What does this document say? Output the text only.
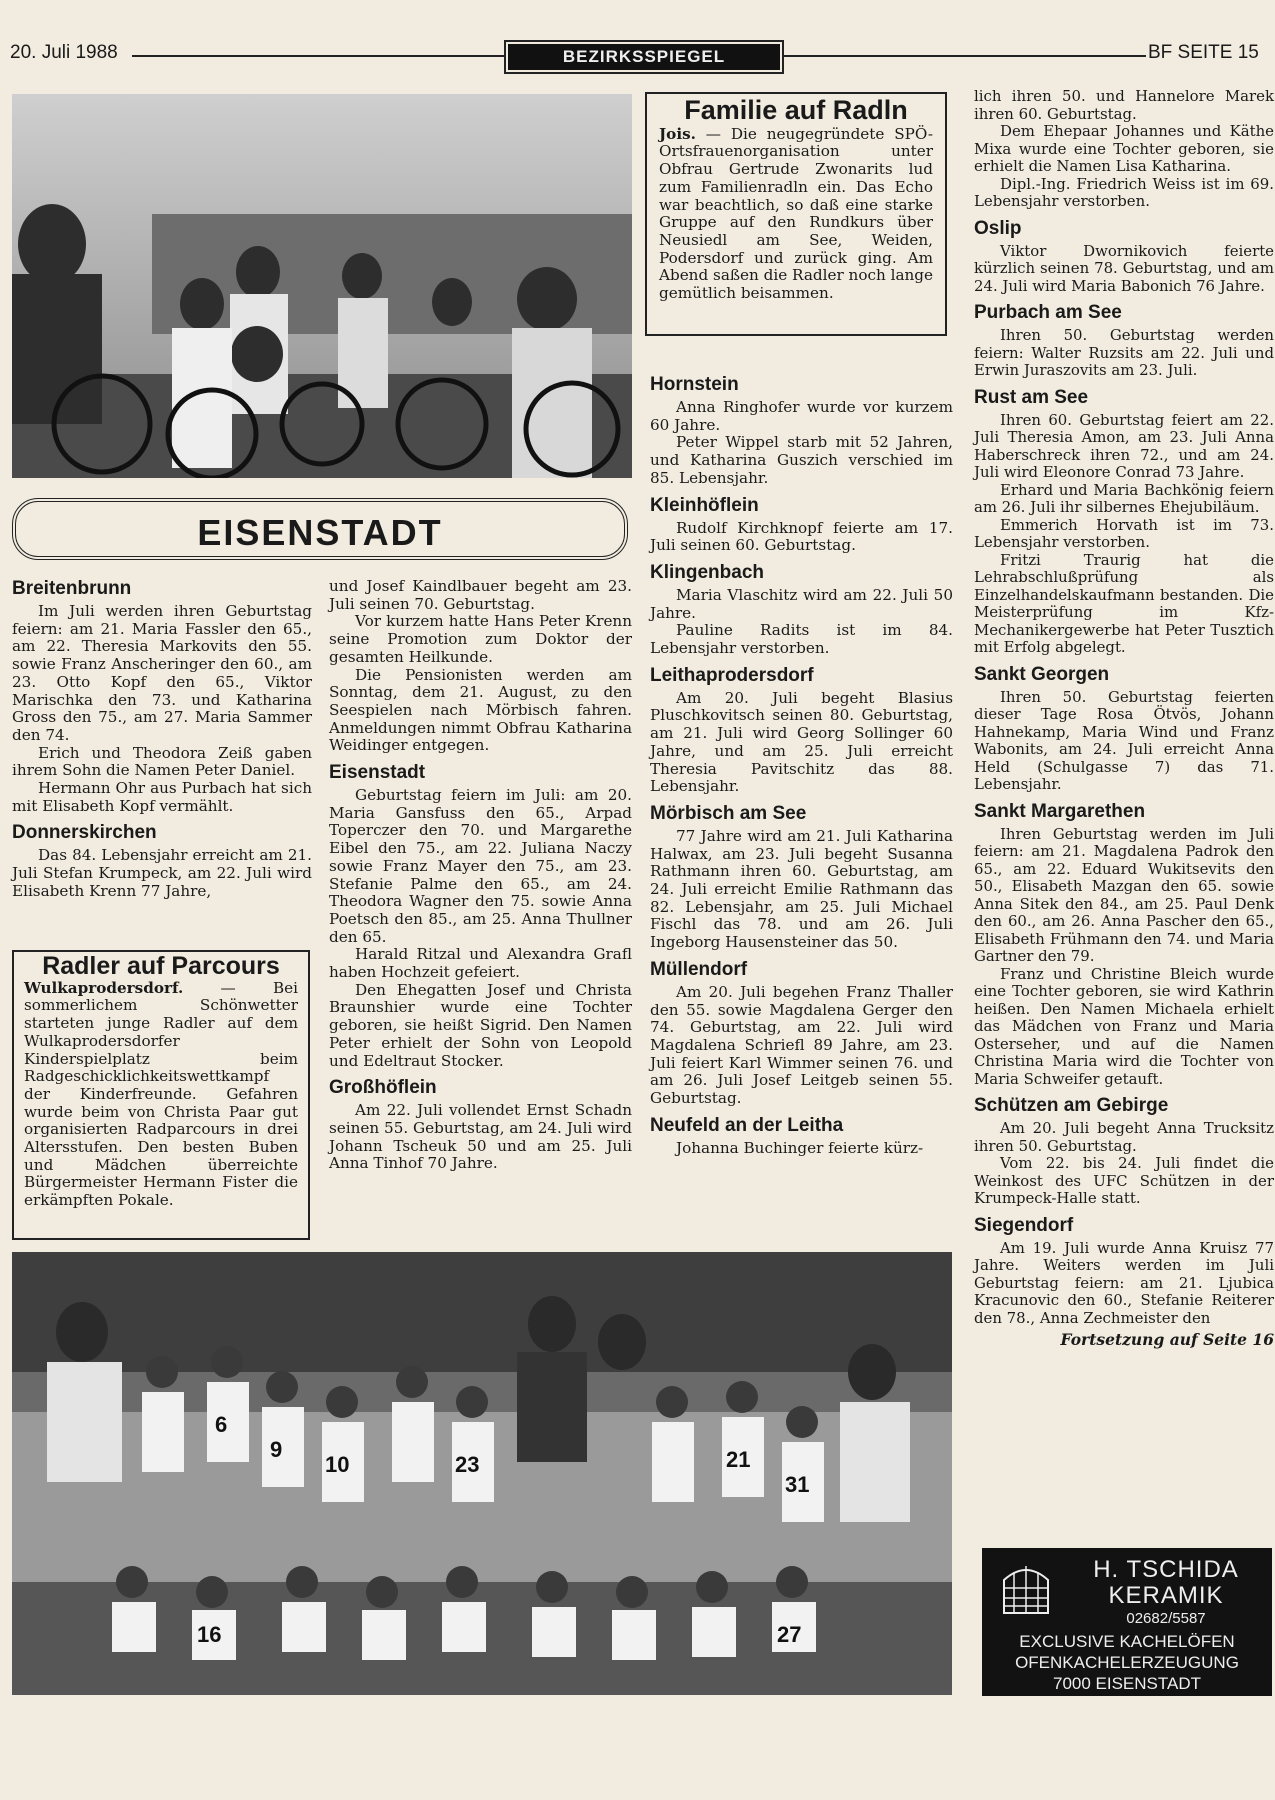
20. Juli 1988	BEZIRKSSPIEGEL	BF SEITE 15
Familie auf Radln

Jois. — Die neugegründete SPÖ-Ortsfrauenorganisation unter Obfrau Gertrude Zwonarits lud zum Familienradln ein. Das Echo war beachtlich, so daß eine starke Gruppe auf den Rundkurs über Neusiedl am See, Weiden, Podersdorf und zurück ging. Am Abend saßen die Radler noch lange gemütlich beisammen.

EISENSTADT
Breitenbrunn

Im Juli werden ihren Geburtstag feiern: am 21. Maria Fassler den 65., am 22. Theresia Markovits den 55. sowie Franz Anscheringer den 60., am 23. Otto Kopf den 65., Viktor Marischka den 73. und Katharina Gross den 75., am 27. Maria Sammer den 74.

Erich und Theodora Zeiß gaben ihrem Sohn die Namen Peter Daniel.

Hermann Ohr aus Purbach hat sich mit Elisabeth Kopf vermählt.

Donnerskirchen

Das 84. Lebensjahr erreicht am 21. Juli Stefan Krumpeck, am 22. Juli wird Elisabeth Krenn 77 Jahre,

Radler auf Parcours

Wulkaprodersdorf. — Bei sommerlichem Schönwetter starteten junge Radler auf dem Wulkaprodersdorfer Kinderspielplatz beim Radgeschicklichkeitswettkampf der Kinderfreunde. Gefahren wurde beim von Christa Paar gut organisierten Radparcours in drei Altersstufen. Den besten Buben und Mädchen überreichte Bürgermeister Hermann Fister die erkämpften Pokale.

und Josef Kaindlbauer begeht am 23. Juli seinen 70. Geburtstag.

Vor kurzem hatte Hans Peter Krenn seine Promotion zum Doktor der gesamten Heilkunde.

Die Pensionisten werden am Sonntag, dem 21. August, zu den Seespielen nach Mörbisch fahren. Anmeldungen nimmt Obfrau Katharina Weidinger entgegen.

Eisenstadt

Geburtstag feiern im Juli: am 20. Maria Gansfuss den 65., Arpad Toperczer den 70. und Margarethe Eibel den 75., am 22. Juliana Naczy sowie Franz Mayer den 75., am 23. Stefanie Palme den 65., am 24. Theodora Wagner den 75. sowie Anna Poetsch den 85., am 25. Anna Thullner den 65.

Harald Ritzal und Alexandra Grafl haben Hochzeit gefeiert.

Den Ehegatten Josef und Christa Braunshier wurde eine Tochter geboren, sie heißt Sigrid. Den Namen Peter erhielt der Sohn von Leopold und Edeltraut Stocker.

Großhöflein

Am 22. Juli vollendet Ernst Schadn seinen 55. Geburtstag, am 24. Juli wird Johann Tscheuk 50 und am 25. Juli Anna Tinhof 70 Jahre.

Hornstein

Anna Ringhofer wurde vor kurzem 60 Jahre.

Peter Wippel starb mit 52 Jahren, und Katharina Guszich verschied im 85. Lebensjahr.

Kleinhöflein

Rudolf Kirchknopf feierte am 17. Juli seinen 60. Geburtstag.

Klingenbach

Maria Vlaschitz wird am 22. Juli 50 Jahre.

Pauline Radits ist im 84. Lebensjahr verstorben.

Leithaprodersdorf

Am 20. Juli begeht Blasius Pluschkovitsch seinen 80. Geburtstag, am 21. Juli wird Georg Sollinger 60 Jahre, und am 25. Juli erreicht Theresia Pavitschitz das 88. Lebensjahr.

Mörbisch am See

77 Jahre wird am 21. Juli Katharina Halwax, am 23. Juli begeht Susanna Rathmann ihren 60. Geburtstag, am 24. Juli erreicht Emilie Rathmann das 82. Lebensjahr, am 25. Juli Michael Fischl das 78. und am 26. Juli Ingeborg Hausensteiner das 50.

Müllendorf

Am 20. Juli begehen Franz Thaller den 55. sowie Magdalena Gerger den 74. Geburtstag, am 22. Juli wird Magdalena Schriefl 89 Jahre, am 23. Juli feiert Karl Wimmer seinen 76. und am 26. Juli Josef Leitgeb seinen 55. Geburtstag.

Neufeld an der Leitha

Johanna Buchinger feierte kürz-

lich ihren 50. und Hannelore Marek ihren 60. Geburtstag.

Dem Ehepaar Johannes und Käthe Mixa wurde eine Tochter geboren, sie erhielt die Namen Lisa Katharina.

Dipl.-Ing. Friedrich Weiss ist im 69. Lebensjahr verstorben.

Oslip

Viktor Dwornikovich feierte kürzlich seinen 78. Geburtstag, und am 24. Juli wird Maria Babonich 76 Jahre.

Purbach am See

Ihren 50. Geburtstag werden feiern: Walter Ruzsits am 22. Juli und Erwin Juraszovits am 23. Juli.

Rust am See

Ihren 60. Geburtstag feiert am 22. Juli Theresia Amon, am 23. Juli Anna Haberschreck ihren 72., und am 24. Juli wird Eleonore Conrad 73 Jahre.

Erhard und Maria Bachkönig feiern am 26. Juli ihr silbernes Ehejubiläum.

Emmerich Horvath ist im 73. Lebensjahr verstorben.

Fritzi Traurig hat die Lehrabschlußprüfung als Einzelhandelskaufmann bestanden. Die Meisterprüfung im Kfz-Mechanikergewerbe hat Peter Tusztich mit Erfolg abgelegt.

Sankt Georgen

Ihren 50. Geburtstag feierten dieser Tage Rosa Ötvös, Johann Hahnekamp, Maria Wind und Franz Wabonits, am 24. Juli erreicht Anna Held (Schulgasse 7) das 71. Lebensjahr.

Sankt Margarethen

Ihren Geburtstag werden im Juli feiern: am 21. Magdalena Padrok den 65., am 22. Eduard Wukitsevits den 50., Elisabeth Mazgan den 65. sowie Anna Sitek den 84., am 25. Paul Denk den 60., am 26. Anna Pascher den 65., Elisabeth Frühmann den 74. und Maria Gartner den 79.

Franz und Christine Bleich wurde eine Tochter geboren, sie wird Kathrin heißen. Den Namen Michaela erhielt das Mädchen von Franz und Maria Osterseher, und auf die Namen Christina Maria wird die Tochter von Maria Schweifer getauft.

Schützen am Gebirge

Am 20. Juli begeht Anna Trucksitz ihren 50. Geburtstag.

Vom 22. bis 24. Juli findet die Weinkost des UFC Schützen in der Krumpeck-Halle statt.

Siegendorf

Am 19. Juli wurde Anna Kruisz 77 Jahre. Weiters werden im Juli Geburtstag feiern: am 21. Ljubica Kracunovic den 60., Stefanie Reiterer den 78., Anna Zechmeister den

Fortsetzung auf Seite 16
6
9
10	23
31
21
27
16
H. TSCHIDA
KERAMIK
02682/5587
EXCLUSIVE KACHELÖFEN
OFENKACHELERZEUGUNG
7000 EISENSTADT
